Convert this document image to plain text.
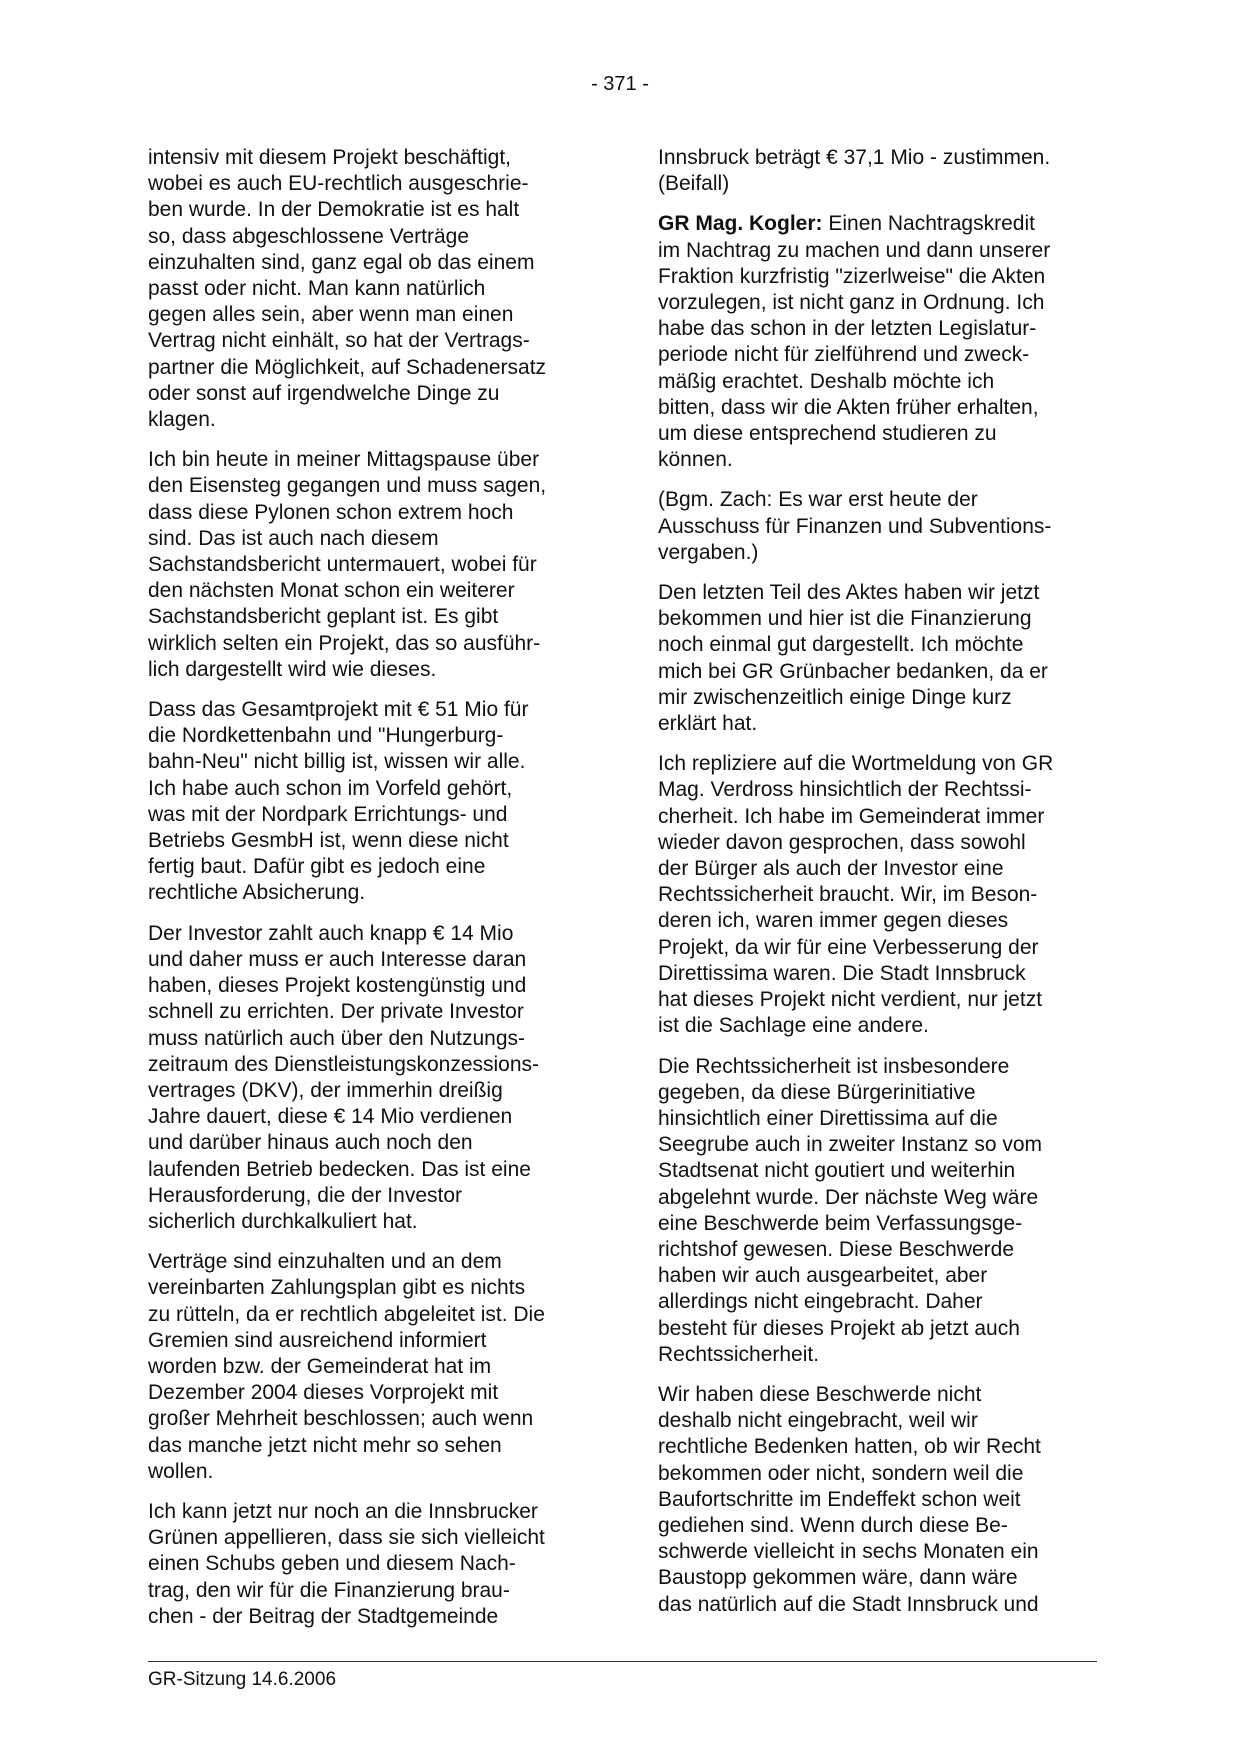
- 371 -

intensiv mit diesem Projekt beschäftigt,
wobei es auch EU-rechtlich ausgeschrie-
ben wurde. In der Demokratie ist es halt
so, dass abgeschlossene Verträge
einzuhalten sind, ganz egal ob das einem
passt oder nicht. Man kann natürlich
gegen alles sein, aber wenn man einen
Vertrag nicht einhält, so hat der Vertrags-
partner die Möglichkeit, auf Schadenersatz
oder sonst auf irgendwelche Dinge zu
klagen.

Ich bin heute in meiner Mittagspause über
den Eisensteg gegangen und muss sagen,
dass diese Pylonen schon extrem hoch
sind. Das ist auch nach diesem
Sachstandsbericht untermauert, wobei für
den nächsten Monat schon ein weiterer
Sachstandsbericht geplant ist. Es gibt
wirklich selten ein Projekt, das so ausführ-
lich dargestellt wird wie dieses.

Dass das Gesamtprojekt mit € 51 Mio für
die Nordkettenbahn und "Hungerburg-
bahn-Neu" nicht billig ist, wissen wir alle.
Ich habe auch schon im Vorfeld gehört,
was mit der Nordpark Errichtungs- und
Betriebs GesmbH ist, wenn diese nicht
fertig baut. Dafür gibt es jedoch eine
rechtliche Absicherung.

Der Investor zahlt auch knapp € 14 Mio
und daher muss er auch Interesse daran
haben, dieses Projekt kostengünstig und
schnell zu errichten. Der private Investor
muss natürlich auch über den Nutzungs-
zeitraum des Dienstleistungskonzessions-
vertrages (DKV), der immerhin dreißig
Jahre dauert, diese € 14 Mio verdienen
und darüber hinaus auch noch den
laufenden Betrieb bedecken. Das ist eine
Herausforderung, die der Investor
sicherlich durchkalkuliert hat.

Verträge sind einzuhalten und an dem
vereinbarten Zahlungsplan gibt es nichts
zu rütteln, da er rechtlich abgeleitet ist. Die
Gremien sind ausreichend informiert
worden bzw. der Gemeinderat hat im
Dezember 2004 dieses Vorprojekt mit
großer Mehrheit beschlossen; auch wenn
das manche jetzt nicht mehr so sehen
wollen.

Ich kann jetzt nur noch an die Innsbrucker
Grünen appellieren, dass sie sich vielleicht
einen Schubs geben und diesem Nach-
trag, den wir für die Finanzierung brau-
chen - der Beitrag der Stadtgemeinde

Innsbruck beträgt € 37,1 Mio - zustimmen.
(Beifall)

GR Mag. Kogler: Einen Nachtragskredit
im Nachtrag zu machen und dann unserer
Fraktion kurzfristig "zizerlweise" die Akten
vorzulegen, ist nicht ganz in Ordnung. Ich
habe das schon in der letzten Legislatur-
periode nicht für zielführend und zweck-
mäßig erachtet. Deshalb möchte ich
bitten, dass wir die Akten früher erhalten,
um diese entsprechend studieren zu
können.

(Bgm. Zach: Es war erst heute der
Ausschuss für Finanzen und Subventions-
vergaben.)

Den letzten Teil des Aktes haben wir jetzt
bekommen und hier ist die Finanzierung
noch einmal gut dargestellt. Ich möchte
mich bei GR Grünbacher bedanken, da er
mir zwischenzeitlich einige Dinge kurz
erklärt hat.

Ich repliziere auf die Wortmeldung von GR
Mag. Verdross hinsichtlich der Rechtssi-
cherheit. Ich habe im Gemeinderat immer
wieder davon gesprochen, dass sowohl
der Bürger als auch der Investor eine
Rechtssicherheit braucht. Wir, im Beson-
deren ich, waren immer gegen dieses
Projekt, da wir für eine Verbesserung der
Direttissima waren. Die Stadt Innsbruck
hat dieses Projekt nicht verdient, nur jetzt
ist die Sachlage eine andere.

Die Rechtssicherheit ist insbesondere
gegeben, da diese Bürgerinitiative
hinsichtlich einer Direttissima auf die
Seegrube auch in zweiter Instanz so vom
Stadtsenat nicht goutiert und weiterhin
abgelehnt wurde. Der nächste Weg wäre
eine Beschwerde beim Verfassungsge-
richtshof gewesen. Diese Beschwerde
haben wir auch ausgearbeitet, aber
allerdings nicht eingebracht. Daher
besteht für dieses Projekt ab jetzt auch
Rechtssicherheit.

Wir haben diese Beschwerde nicht
deshalb nicht eingebracht, weil wir
rechtliche Bedenken hatten, ob wir Recht
bekommen oder nicht, sondern weil die
Baufortschritte im Endeffekt schon weit
gediehen sind. Wenn durch diese Be-
schwerde vielleicht in sechs Monaten ein
Baustopp gekommen wäre, dann wäre
das natürlich auf die Stadt Innsbruck und

GR-Sitzung 14.6.2006
